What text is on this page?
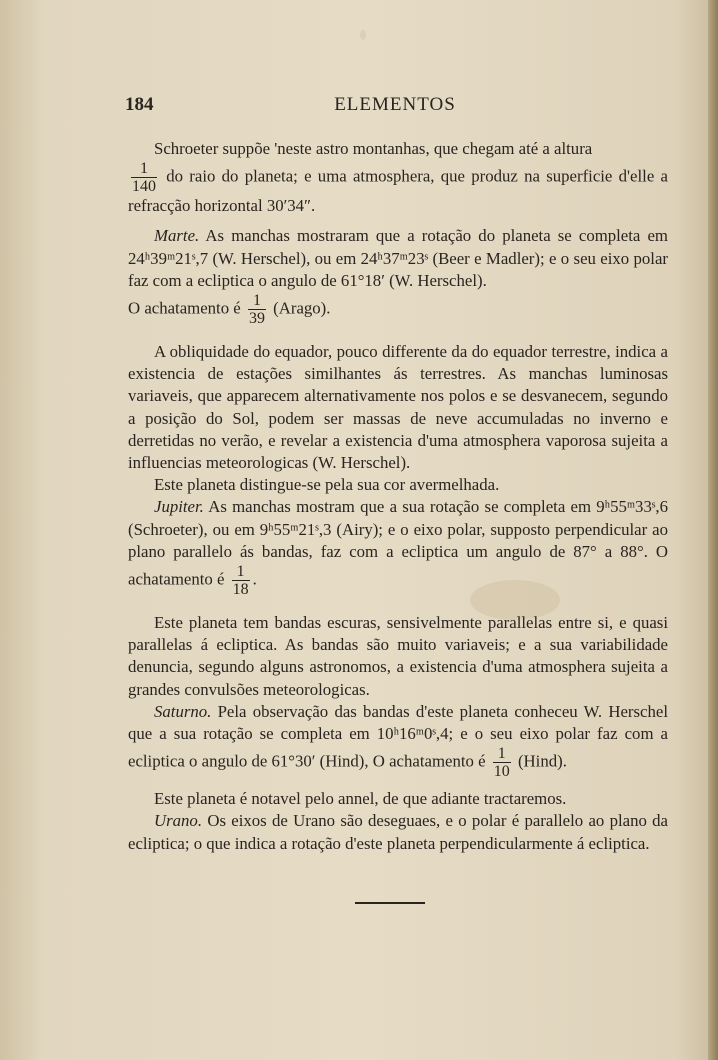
184	ELEMENTOS

Schroeter suppõe 'neste astro montanhas, que chegam até a altura

$\frac{1}{140}$ do raio do planeta; e uma atmosphera, que produz na superficie d'elle a refracção horizontal 30′34″.

Marte. As manchas mostraram que a rotação do planeta se completa em 24ʰ39ᵐ21ˢ,7 (W. Herschel), ou em 24ʰ37ᵐ23ˢ (Beer e Madler); e o seu eixo polar faz com a ecliptica o angulo de 61°18′ (W. Herschel).

O achatamento é $\frac{1}{39}$ (Arago).

A obliquidade do equador, pouco differente da do equador terrestre, indica a existencia de estações similhantes ás terrestres. As manchas luminosas variaveis, que apparecem alternativamente nos polos e se desvanecem, segundo a posição do Sol, podem ser massas de neve accumuladas no inverno e derretidas no verão, e revelar a existencia d'uma atmosphera vaporosa sujeita a influencias meteorologicas (W. Herschel).

Este planeta distingue-se pela sua cor avermelhada.

Jupiter. As manchas mostram que a sua rotação se completa em 9ʰ55ᵐ33ˢ,6 (Schroeter), ou em 9ʰ55ᵐ21ˢ,3 (Airy); e o eixo polar, supposto perpendicular ao plano parallelo ás bandas, faz com a ecliptica um angulo de 87° a 88°. O achatamento é $\frac{1}{18}$ .

Este planeta tem bandas escuras, sensivelmente parallelas entre si, e quasi parallelas á ecliptica. As bandas são muito variaveis; e a sua variabilidade denuncia, segundo alguns astronomos, a existencia d'uma atmosphera sujeita a grandes convulsões meteorologicas.

Saturno. Pela observação das bandas d'este planeta conheceu W. Herschel que a sua rotação se completa em 10ʰ16ᵐ0ˢ,4; e o seu eixo polar faz com a ecliptica o angulo de 61°30′ (Hind), O achatamento é $\frac{1}{10}$ (Hind).

Este planeta é notavel pelo annel, de que adiante tractaremos.

Urano. Os eixos de Urano são deseguaes, e o polar é parallelo ao plano da ecliptica; o que indica a rotação d'este planeta perpendicularmente á ecliptica.
